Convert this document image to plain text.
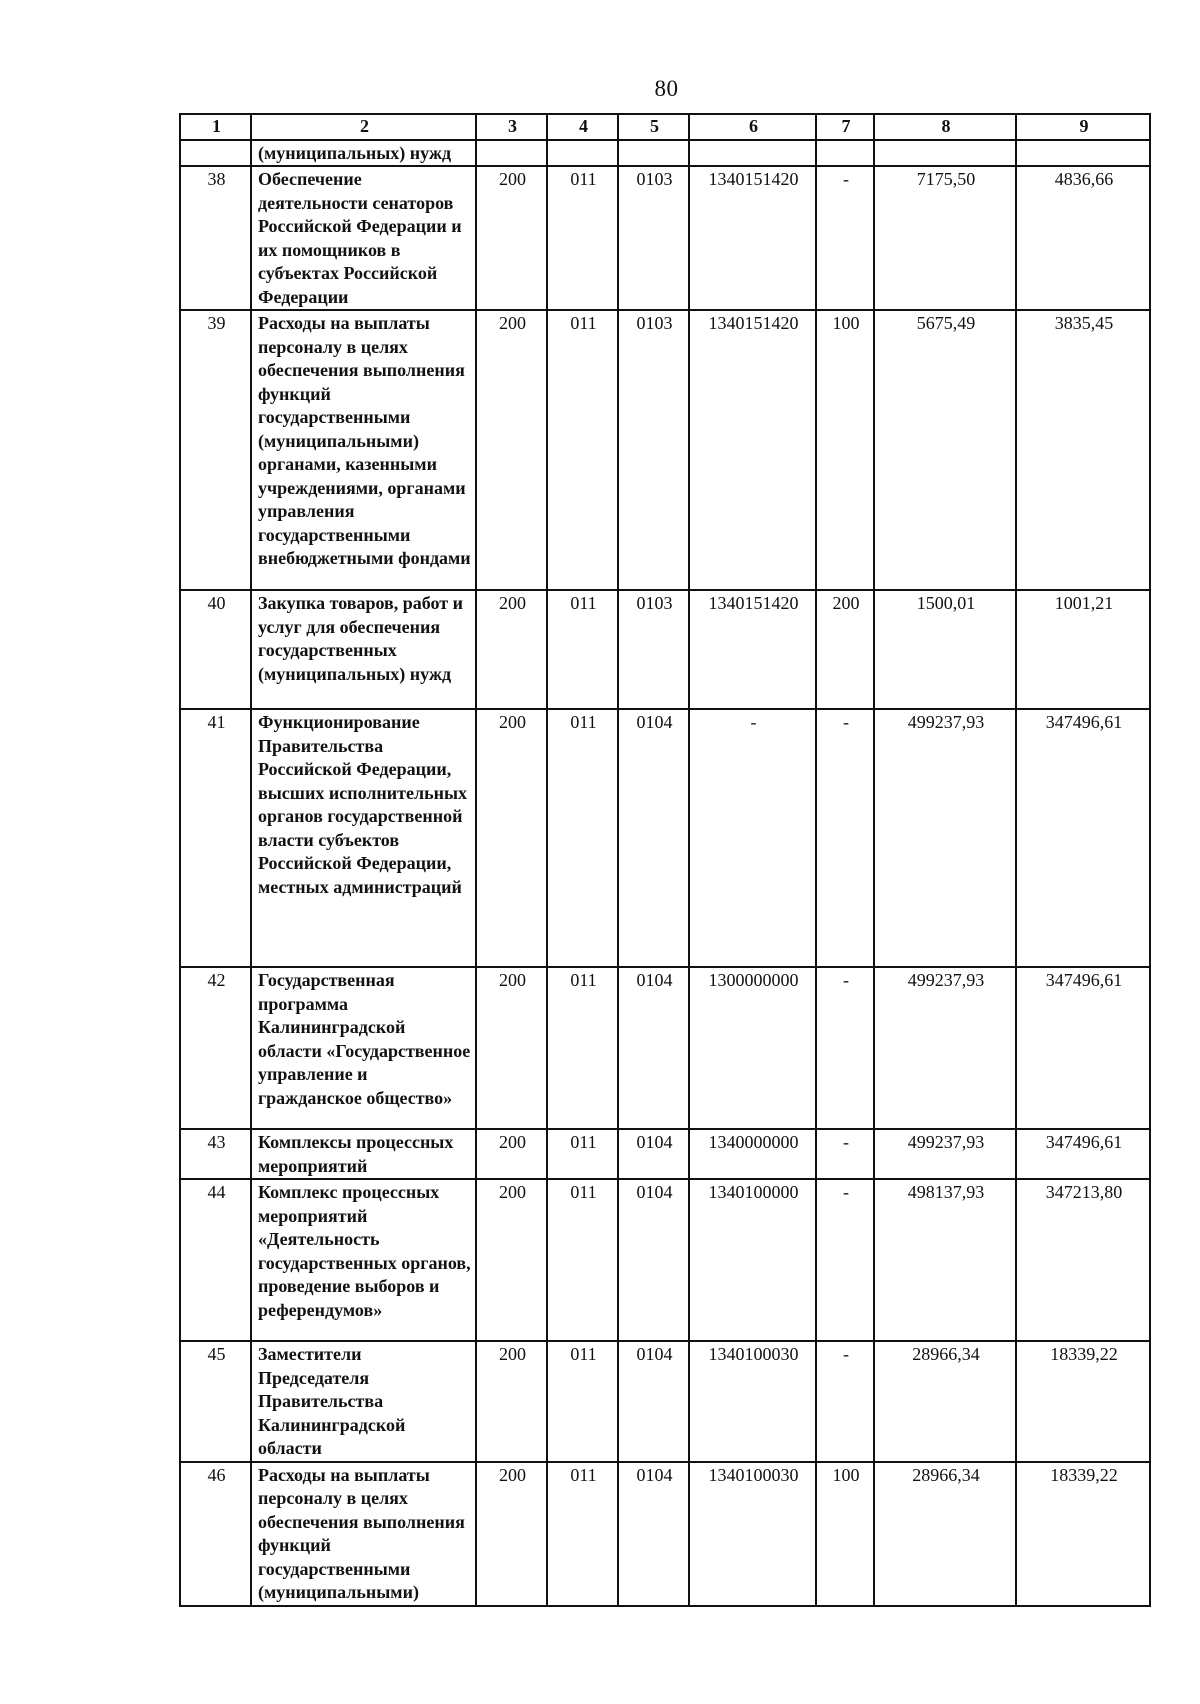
80
1	2	3	4	5	6	7	8	9
	(муниципальных) нужд							
38	Обеспечение деятельности сенаторов Российской Федерации и их помощников в субъектах Российской Федерации	200	011	0103	1340151420	-	7175,50	4836,66
39	Расходы на выплаты персоналу в целях обеспечения выполнения функций государственными (муниципальными) органами, казенными учреждениями, органами управления государственными внебюджетными фондами	200	011	0103	1340151420	100	5675,49	3835,45
40	Закупка товаров, работ и услуг для обеспечения государственных (муниципальных) нужд	200	011	0103	1340151420	200	1500,01	1001,21
41	Функционирование Правительства Российской Федерации, высших исполнительных органов государственной власти субъектов Российской Федерации, местных администраций	200	011	0104	-	-	499237,93	347496,61
42	Государственная программа Калининградской области «Государственное управление и гражданское общество»	200	011	0104	1300000000	-	499237,93	347496,61
43	Комплексы процессных мероприятий	200	011	0104	1340000000	-	499237,93	347496,61
44	Комплекс процессных мероприятий «Деятельность государственных органов, проведение выборов и референдумов»	200	011	0104	1340100000	-	498137,93	347213,80
45	Заместители Председателя Правительства Калининградской области	200	011	0104	1340100030	-	28966,34	18339,22
46	Расходы на выплаты персоналу в целях обеспечения выполнения функций государственными (муниципальными)	200	011	0104	1340100030	100	28966,34	18339,22
